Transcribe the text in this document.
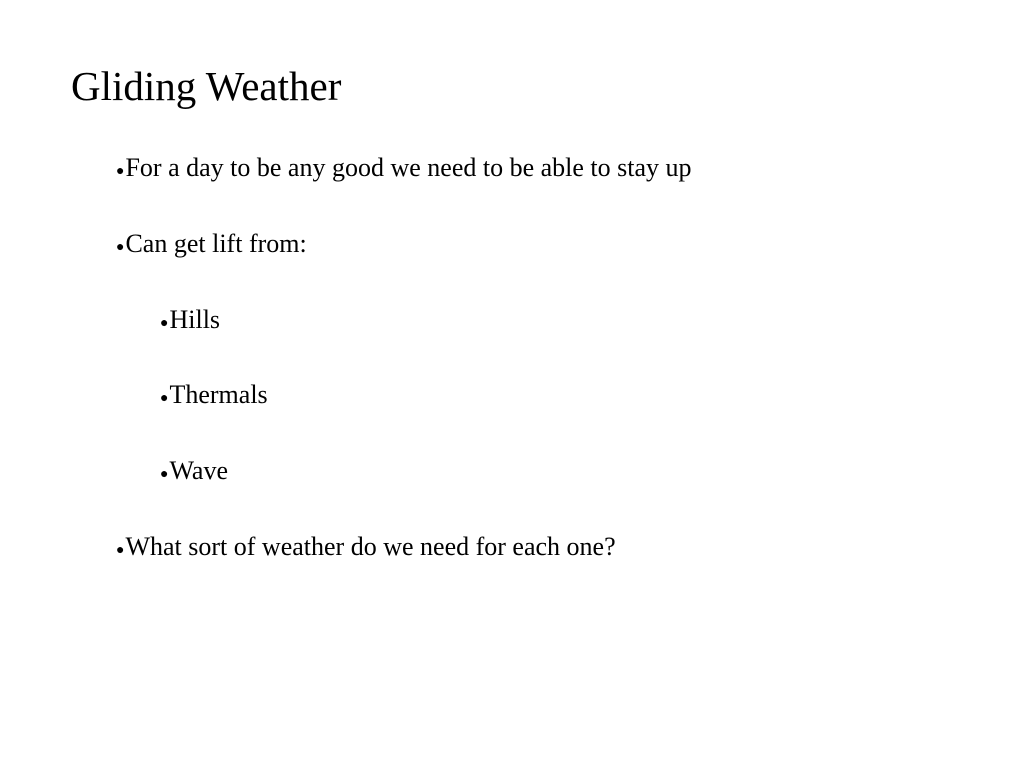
Gliding Weather
●For a day to be any good we need to be able to stay up
●Can get lift from:
●Hills
●Thermals
●Wave
●What sort of weather do we need for each one?
